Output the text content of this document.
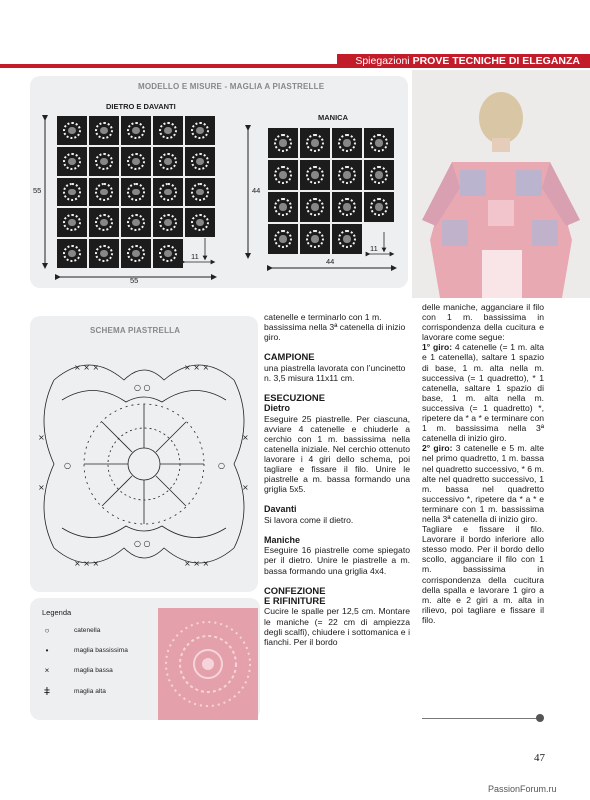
Spiegazioni PROVE TECNICHE DI ELEGANZA
MODELLO E MISURE - MAGLIA A PIASTRELLE
DIETRO E DAVANTI
55
55
11
MANICA
44
44
11
SCHEMA PIASTRELLA
× × ×	× × ×
× × ×	× × ×
×
×
×
×
○ ○
○ ○
○	○
Legenda
○	catenella
•	maglia bassissima
×	maglia bassa
ǂ	maglia alta

catenelle e terminarlo con 1 m. bassissima nella 3ª catenella di inizio giro.

CAMPIONE

una piastrella lavorata con l’uncinetto n. 3,5 misura 11x11 cm.

ESECUZIONE
Dietro

Eseguire 25 piastrelle. Per ciascuna, avviare 4 catenelle e chiuderle a cerchio con 1 m. bassissima nella catenella iniziale. Nel cerchio ottenuto lavorare i 4 giri dello schema, poi tagliare e fissare il filo. Unire le piastrelle a m. bassa formando una griglia 5x5.

Davanti

Si lavora come il dietro.

Maniche

Eseguire 16 piastrelle come spiegato per il dietro. Unire le piastrelle a m. bassa formando una griglia 4x4.

CONFEZIONE
E RIFINITURE

Cucire le spalle per 12,5 cm. Montare le maniche (= 22 cm di ampiezza degli scalfi), chiudere i sottomanica e i fianchi. Per il bordo

delle maniche, agganciare il filo con 1 m. bassissima in corrispondenza della cucitura e lavorare come segue:

1° giro: 4 catenelle (= 1 m. alta e 1 catenella), saltare 1 spazio di base, 1 m. alta nella m. successiva (= 1 quadretto), * 1 catenella, saltare 1 spazio di base, 1 m. alta nella m. successiva (= 1 quadretto) *, ripetere da * a * e terminare con 1 m. bassissima nella 3ª catenella di inizio giro.

2° giro: 3 catenelle e 5 m. alte nel primo quadretto, 1 m. bassa nel quadretto successivo, * 6 m. alte nel quadretto successivo, 1 m. bassa nel quadretto successivo *, ripetere da * a * e terminare con 1 m. bassissima nella 3ª catenella di inizio giro.

Tagliare e fissare il filo. Lavorare il bordo inferiore allo stesso modo. Per il bordo dello scollo, agganciare il filo con 1 m. bassissima in corrispondenza della cucitura della spalla e lavorare 1 giro a m. alte e 2 giri a m. alta in rilievo, poi tagliare e fissare il filo.

47
PassionForum.ru
